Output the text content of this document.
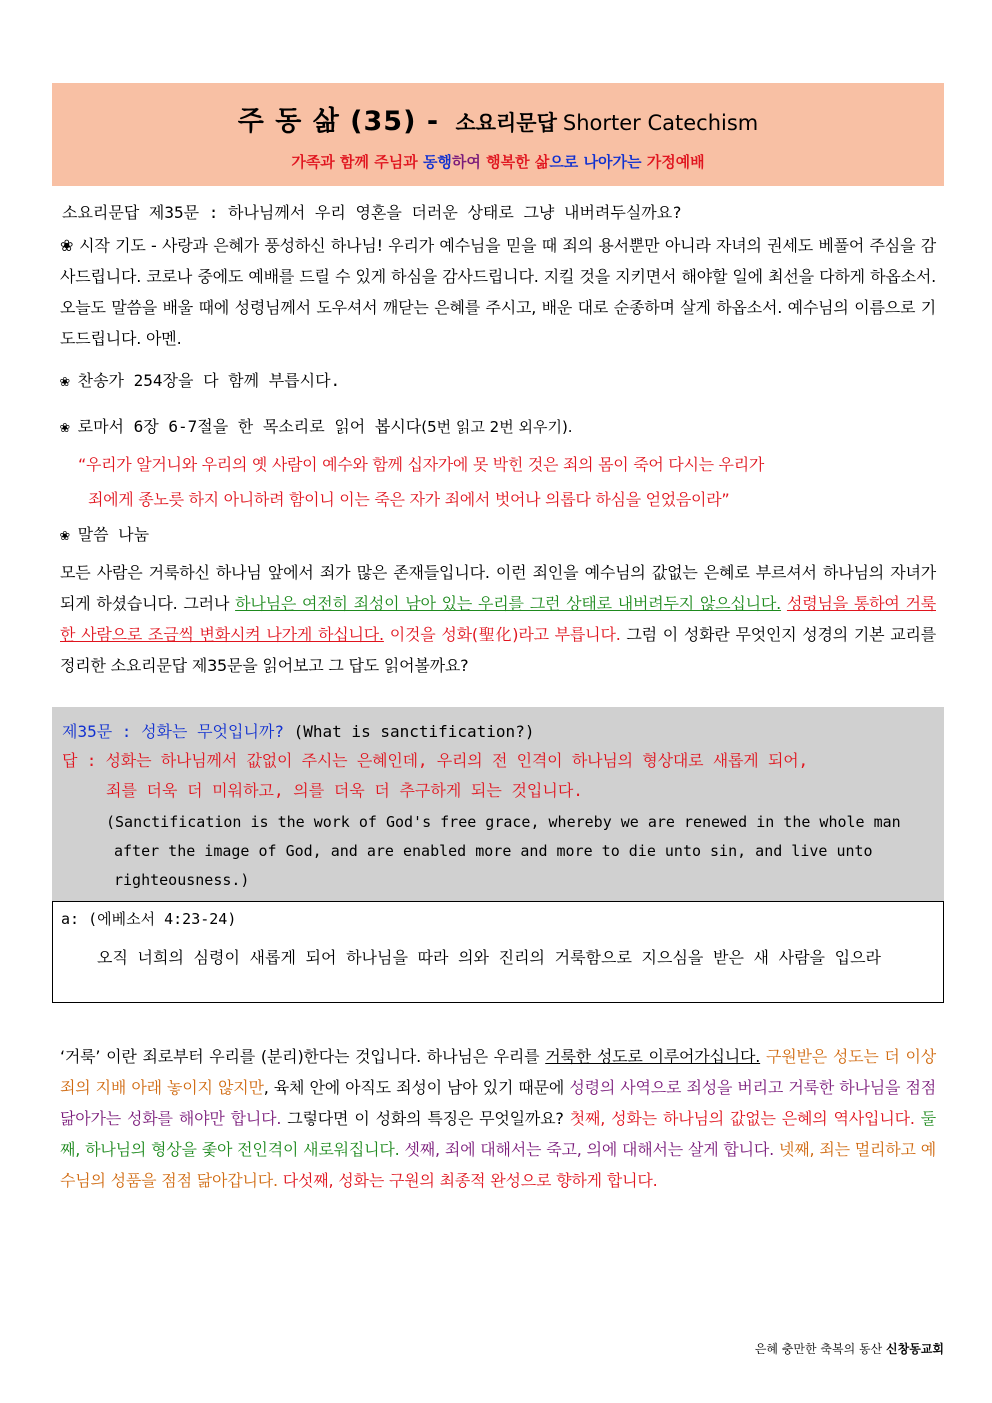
주 동 삶 (35) - 소요리문답 Shorter Catechism
가족과 함께 주님과 동행하여 행복한 삶으로 나아가는 가정예배
소요리문답 제35문 : 하나님께서 우리 영혼을 더러운 상태로 그냥 내버려두실까요?
❀ 시작 기도 - 사랑과 은혜가 풍성하신 하나님! 우리가 예수님을 믿을 때 죄의 용서뿐만 아니라 자녀의 권세도 베풀어 주심을 감사드립니다. 코로나 중에도 예배를 드릴 수 있게 하심을 감사드립니다. 지킬 것을 지키면서 해야할 일에 최선을 다하게 하옵소서. 오늘도 말씀을 배울 때에 성령님께서 도우셔서 깨닫는 은혜를 주시고, 배운 대로 순종하며 살게 하옵소서. 예수님의 이름으로 기도드립니다. 아멘.
❀ 찬송가 254장을 다 함께 부릅시다.
❀ 로마서 6장 6-7절을 한 목소리로 읽어 봅시다(5번 읽고 2번 외우기).
“우리가 알거니와 우리의 옛 사람이 예수와 함께 십자가에 못 박힌 것은 죄의 몸이 죽어 다시는 우리가
죄에게 종노릇 하지 아니하려 함이니 이는 죽은 자가 죄에서 벗어나 의롭다 하심을 얻었음이라”
❀ 말씀 나눔
모든 사람은 거룩하신 하나님 앞에서 죄가 많은 존재들입니다. 이런 죄인을 예수님의 값없는 은혜로 부르셔서 하나님의 자녀가 되게 하셨습니다. 그러나 하나님은 여전히 죄성이 남아 있는 우리를 그런 상태로 내버려두지 않으십니다. 성령님을 통하여 거룩한 사람으로 조금씩 변화시켜 나가게 하십니다. 이것을 성화(聖化)라고 부릅니다. 그럼 이 성화란 무엇인지 성경의 기본 교리를 정리한 소요리문답 제35문을 읽어보고 그 답도 읽어볼까요?
제35문 : 성화는 무엇입니까? (What is sanctification?)
답 : 성화는 하나님께서 값없이 주시는 은혜인데, 우리의 전 인격이 하나님의 형상대로 새롭게 되어,
죄를 더욱 더 미워하고, 의를 더욱 더 추구하게 되는 것입니다.
(Sanctification is the work of God's free grace, whereby we are renewed in the whole man
after the image of God, and are enabled more and more to die unto sin, and live unto
righteousness.)
a: (에베소서 4:23-24)
오직 너희의 심령이 새롭게 되어 하나님을 따라 의와 진리의 거룩함으로 지으심을 받은 새 사람을 입으라
‘거룩’ 이란 죄로부터 우리를 (분리)한다는 것입니다. 하나님은 우리를 거룩한 성도로 이루어가십니다. 구원받은 성도는 더 이상 죄의 지배 아래 놓이지 않지만, 육체 안에 아직도 죄성이 남아 있기 때문에 성령의 사역으로 죄성을 버리고 거룩한 하나님을 점점 닮아가는 성화를 해야만 합니다. 그렇다면 이 성화의 특징은 무엇일까요? 첫째, 성화는 하나님의 값없는 은혜의 역사입니다. 둘째, 하나님의 형상을 좇아 전인격이 새로워집니다. 셋째, 죄에 대해서는 죽고, 의에 대해서는 살게 합니다. 넷째, 죄는 멀리하고 예수님의 성품을 점점 닮아갑니다. 다섯째, 성화는 구원의 최종적 완성으로 향하게 합니다.
은혜 충만한 축복의 동산 신창동교회
